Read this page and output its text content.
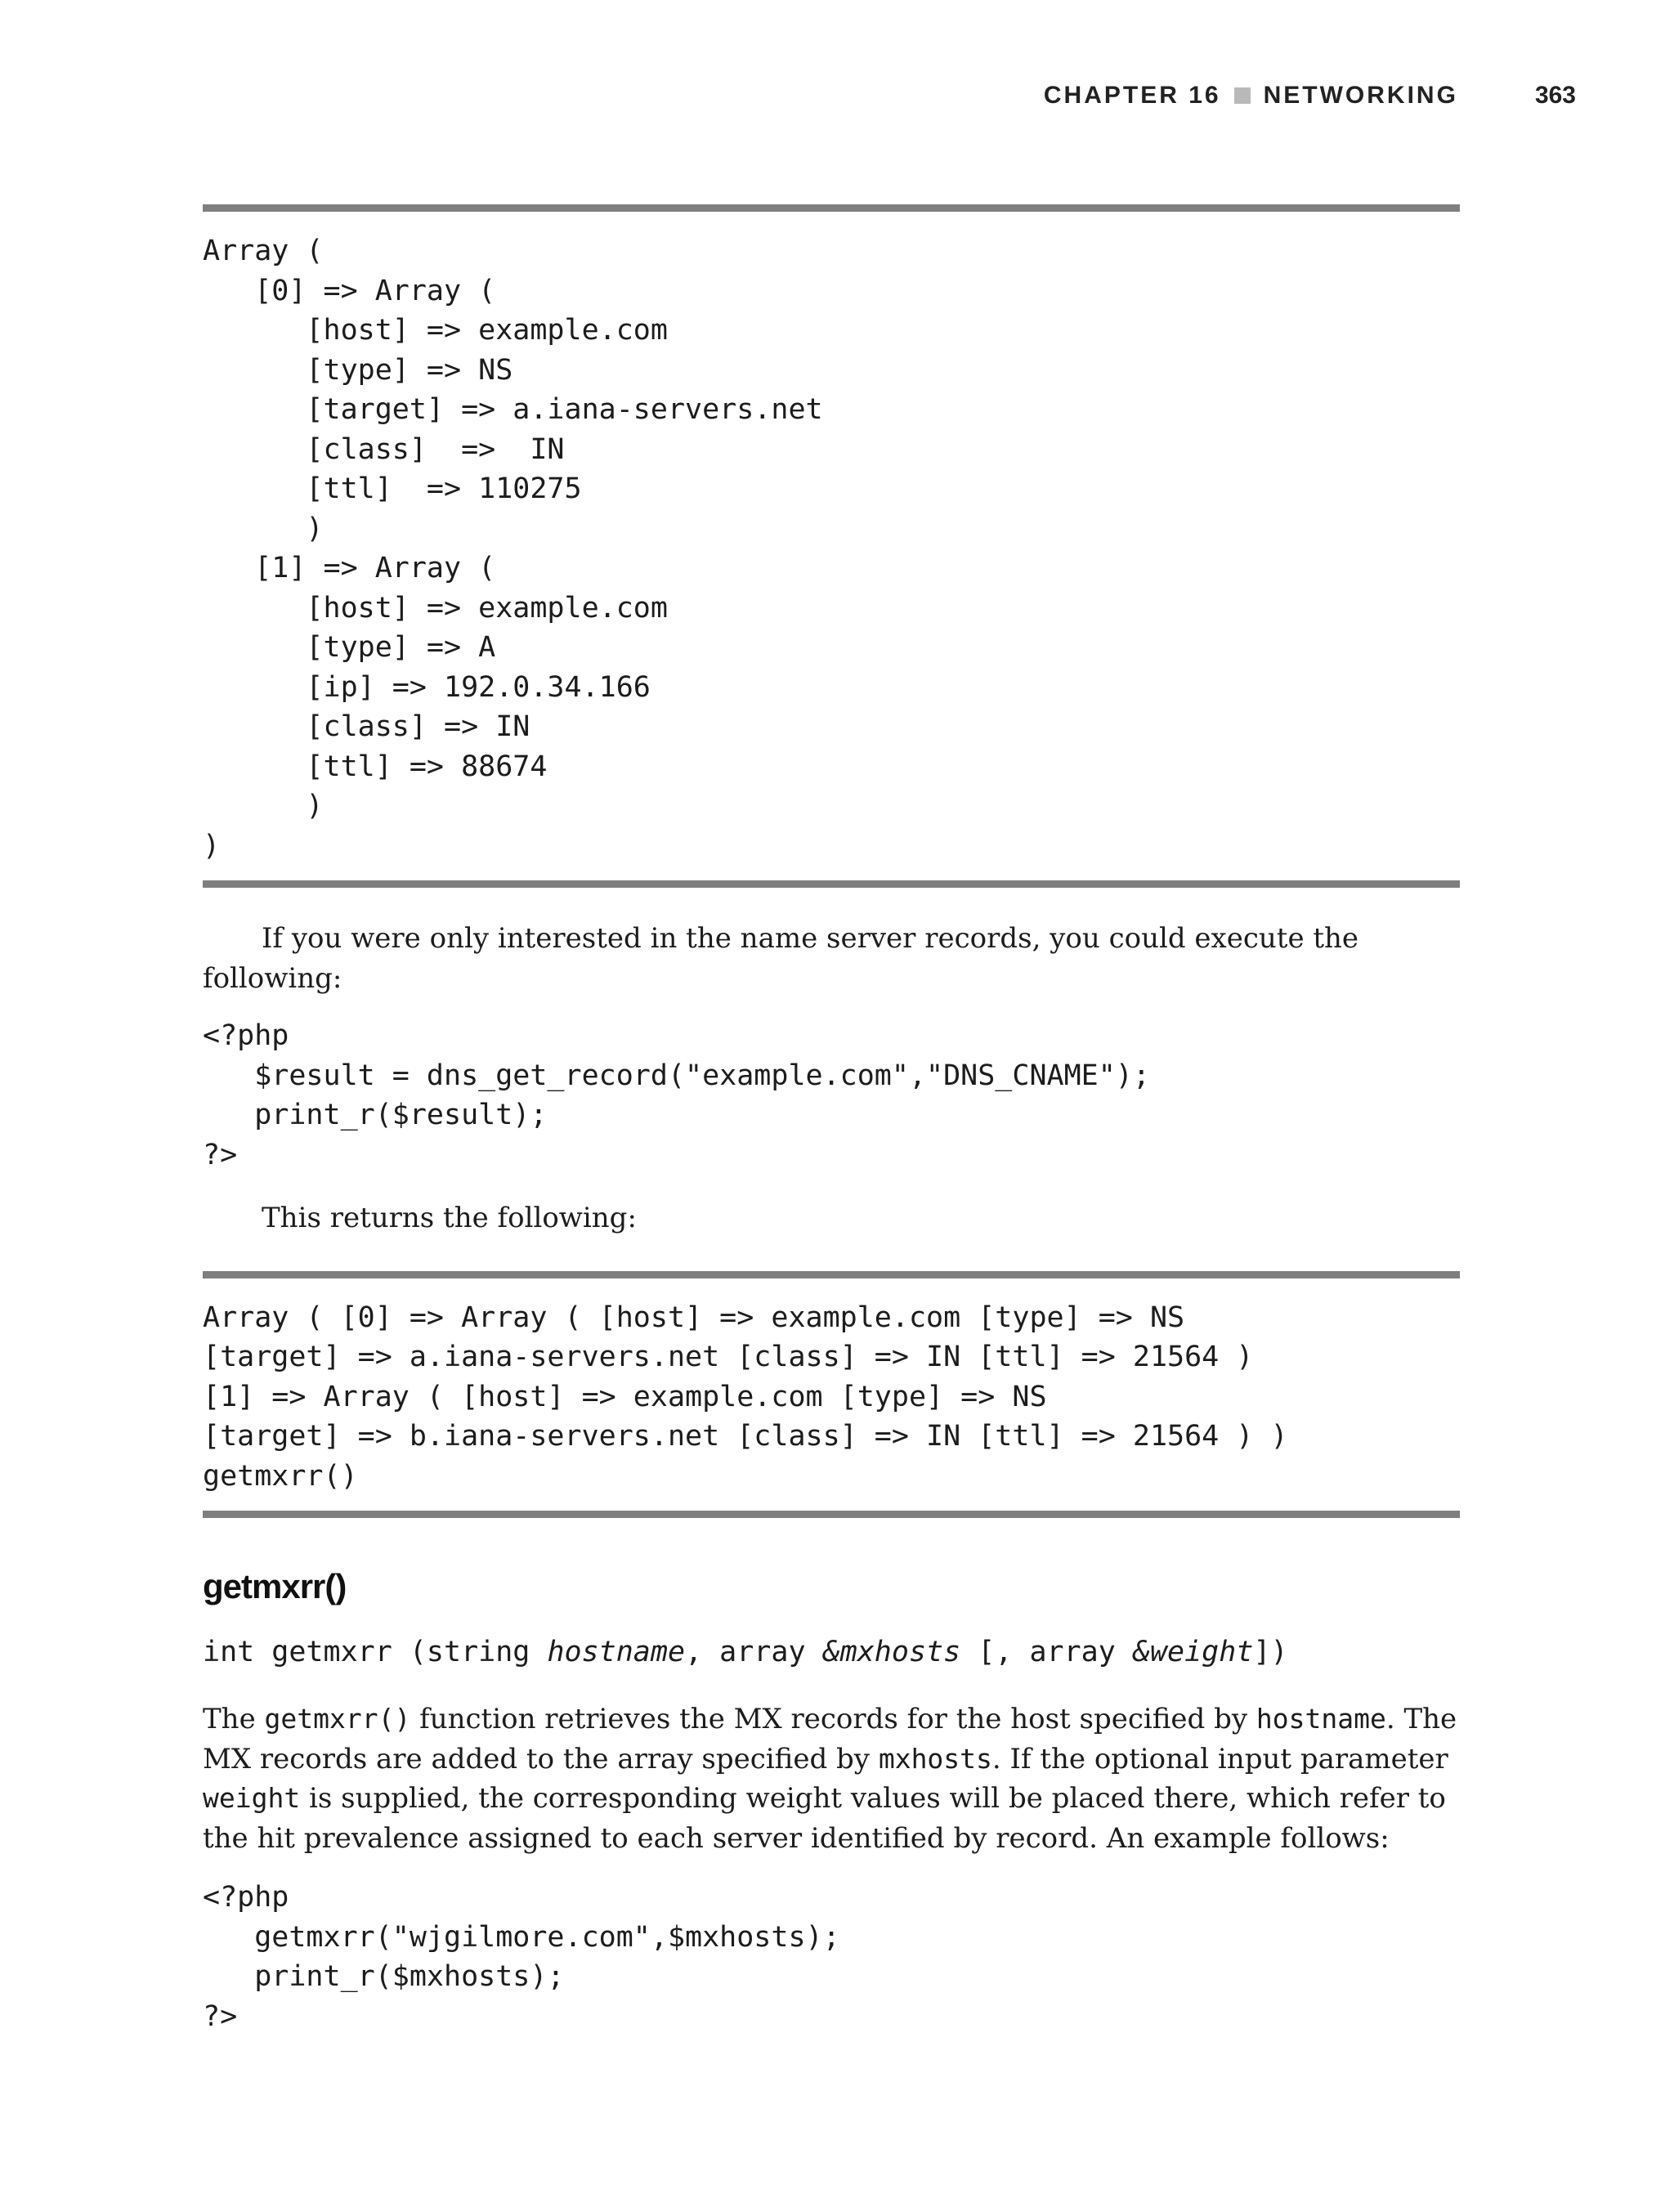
CHAPTER 16 NETWORKING	363
Array (
[0] => Array (
[host] => example.com
[type] => NS
[target] => a.iana-servers.net
[class]  =>  IN
[ttl]  => 110275
)
[1] => Array (
[host] => example.com
[type] => A
[ip] => 192.0.34.166
[class] => IN
[ttl] => 88674
)
)

If you were only interested in the name server records, you could execute the following:

<?php
$result = dns_get_record("example.com","DNS_CNAME");
print_r($result);
?>

This returns the following:

Array ( [0] => Array ( [host] => example.com [type] => NS
[target] => a.iana-servers.net [class] => IN [ttl] => 21564 )
[1] => Array ( [host] => example.com [type] => NS
[target] => b.iana-servers.net [class] => IN [ttl] => 21564 ) )
getmxrr()
getmxrr()
int getmxrr (string hostname, array &mxhosts [, array &weight])

The getmxrr() function retrieves the MX records for the host specified by hostname. The MX records are added to the array specified by mxhosts. If the optional input parameter weight is supplied, the corresponding weight values will be placed there, which refer to the hit prevalence assigned to each server identified by record. An example follows:

<?php
getmxrr("wjgilmore.com",$mxhosts);
print_r($mxhosts);
?>
